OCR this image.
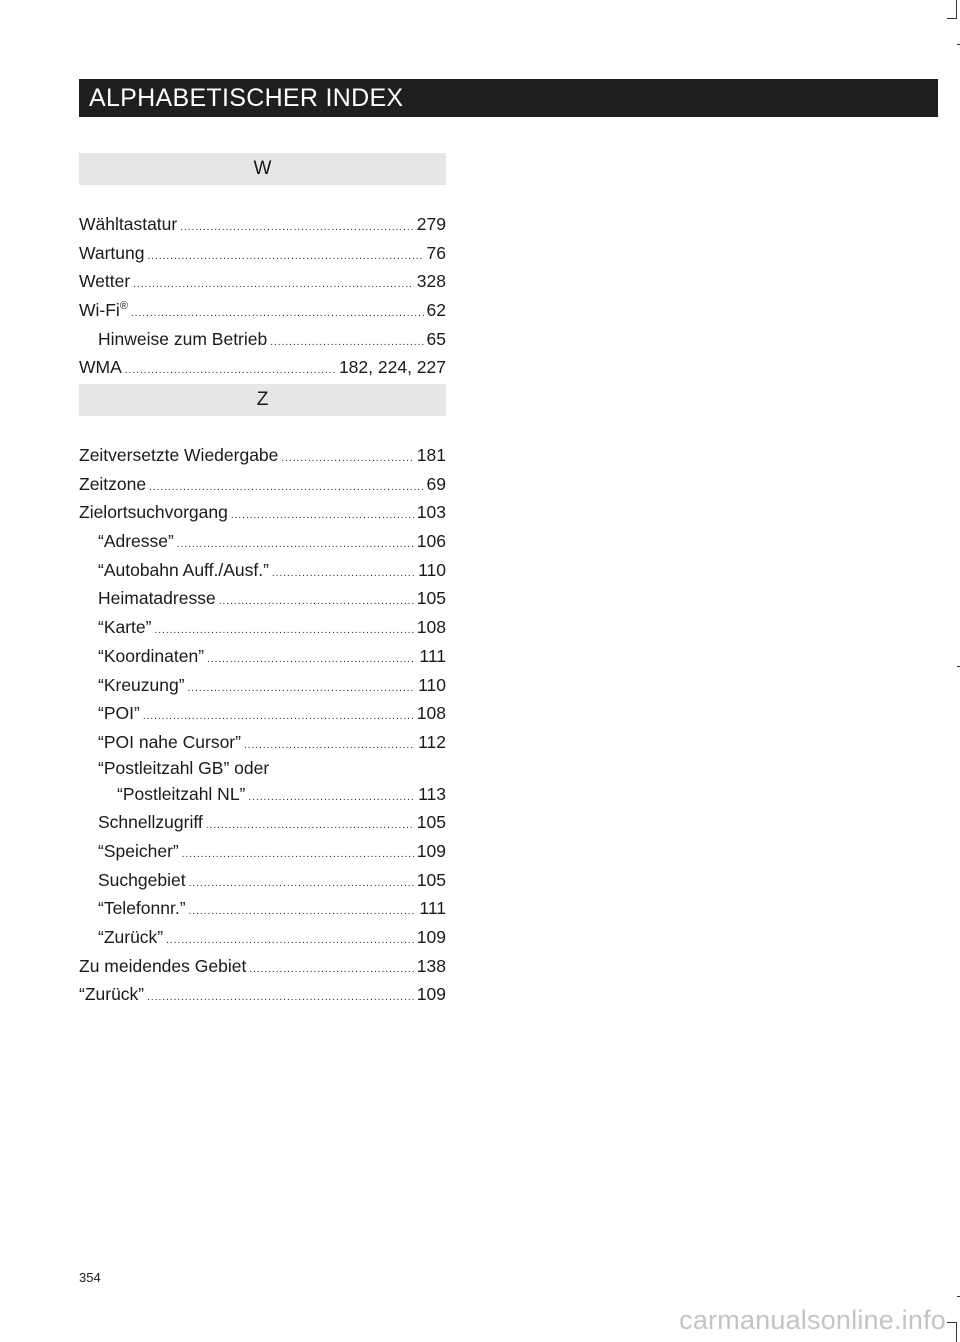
ALPHABETISCHER INDEX
W
Wähltastatur .....	279
Wartung .....	76
Wetter .....	328
Wi-Fi® .....	62
Hinweise zum Betrieb .....	65
WMA .....	182, 224, 227
Z
Zeitversetzte Wiedergabe .....	181
Zeitzone .....	69
Zielortsuchvorgang .....	103
“Adresse” .....	106
“Autobahn Auff./Ausf.” .....	110
Heimatadresse .....	105
“Karte” .....	108
“Koordinaten” .....	111
“Kreuzung” .....	110
“POI” .....	108
“POI nahe Cursor” .....	112
“Postleitzahl GB” oder
“Postleitzahl NL” .....	113
Schnellzugriff .....	105
“Speicher” .....	109
Suchgebiet .....	105
“Telefonnr.” .....	111
“Zurück” .....	109
Zu meidendes Gebiet .....	138
“Zurück” .....	109
354
carmanualsonline.info
